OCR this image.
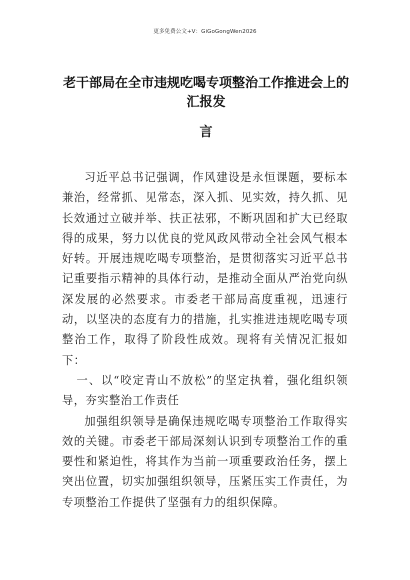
更多免费公文+V：GiGoGongWen2026
老干部局在全市违规吃喝专项整治工作推进会上的汇报发
言

习近平总书记强调，作风建设是永恒课题，要标本兼治，经常抓、见常态，深入抓、见实效，持久抓、见长效通过立破并举、扶正祛邪，不断巩固和扩大已经取得的成果，努力以优良的党风政风带动全社会风气根本好转。开展违规吃喝专项整治，是贯彻落实习近平总书记重要指示精神的具体行动，是推动全面从严治党向纵深发展的必然要求。市委老干部局高度重视，迅速行动，以坚决的态度有力的措施，扎实推进违规吃喝专项整治工作，取得了阶段性成效。现将有关情况汇报如下：

一、以“咬定青山不放松”的坚定执着，强化组织领导，夯实整治工作责任

加强组织领导是确保违规吃喝专项整治工作取得实效的关键。市委老干部局深刻认识到专项整治工作的重要性和紧迫性，将其作为当前一项重要政治任务，摆上突出位置，切实加强组织领导，压紧压实工作责任，为专项整治工作提供了坚强有力的组织保障。
